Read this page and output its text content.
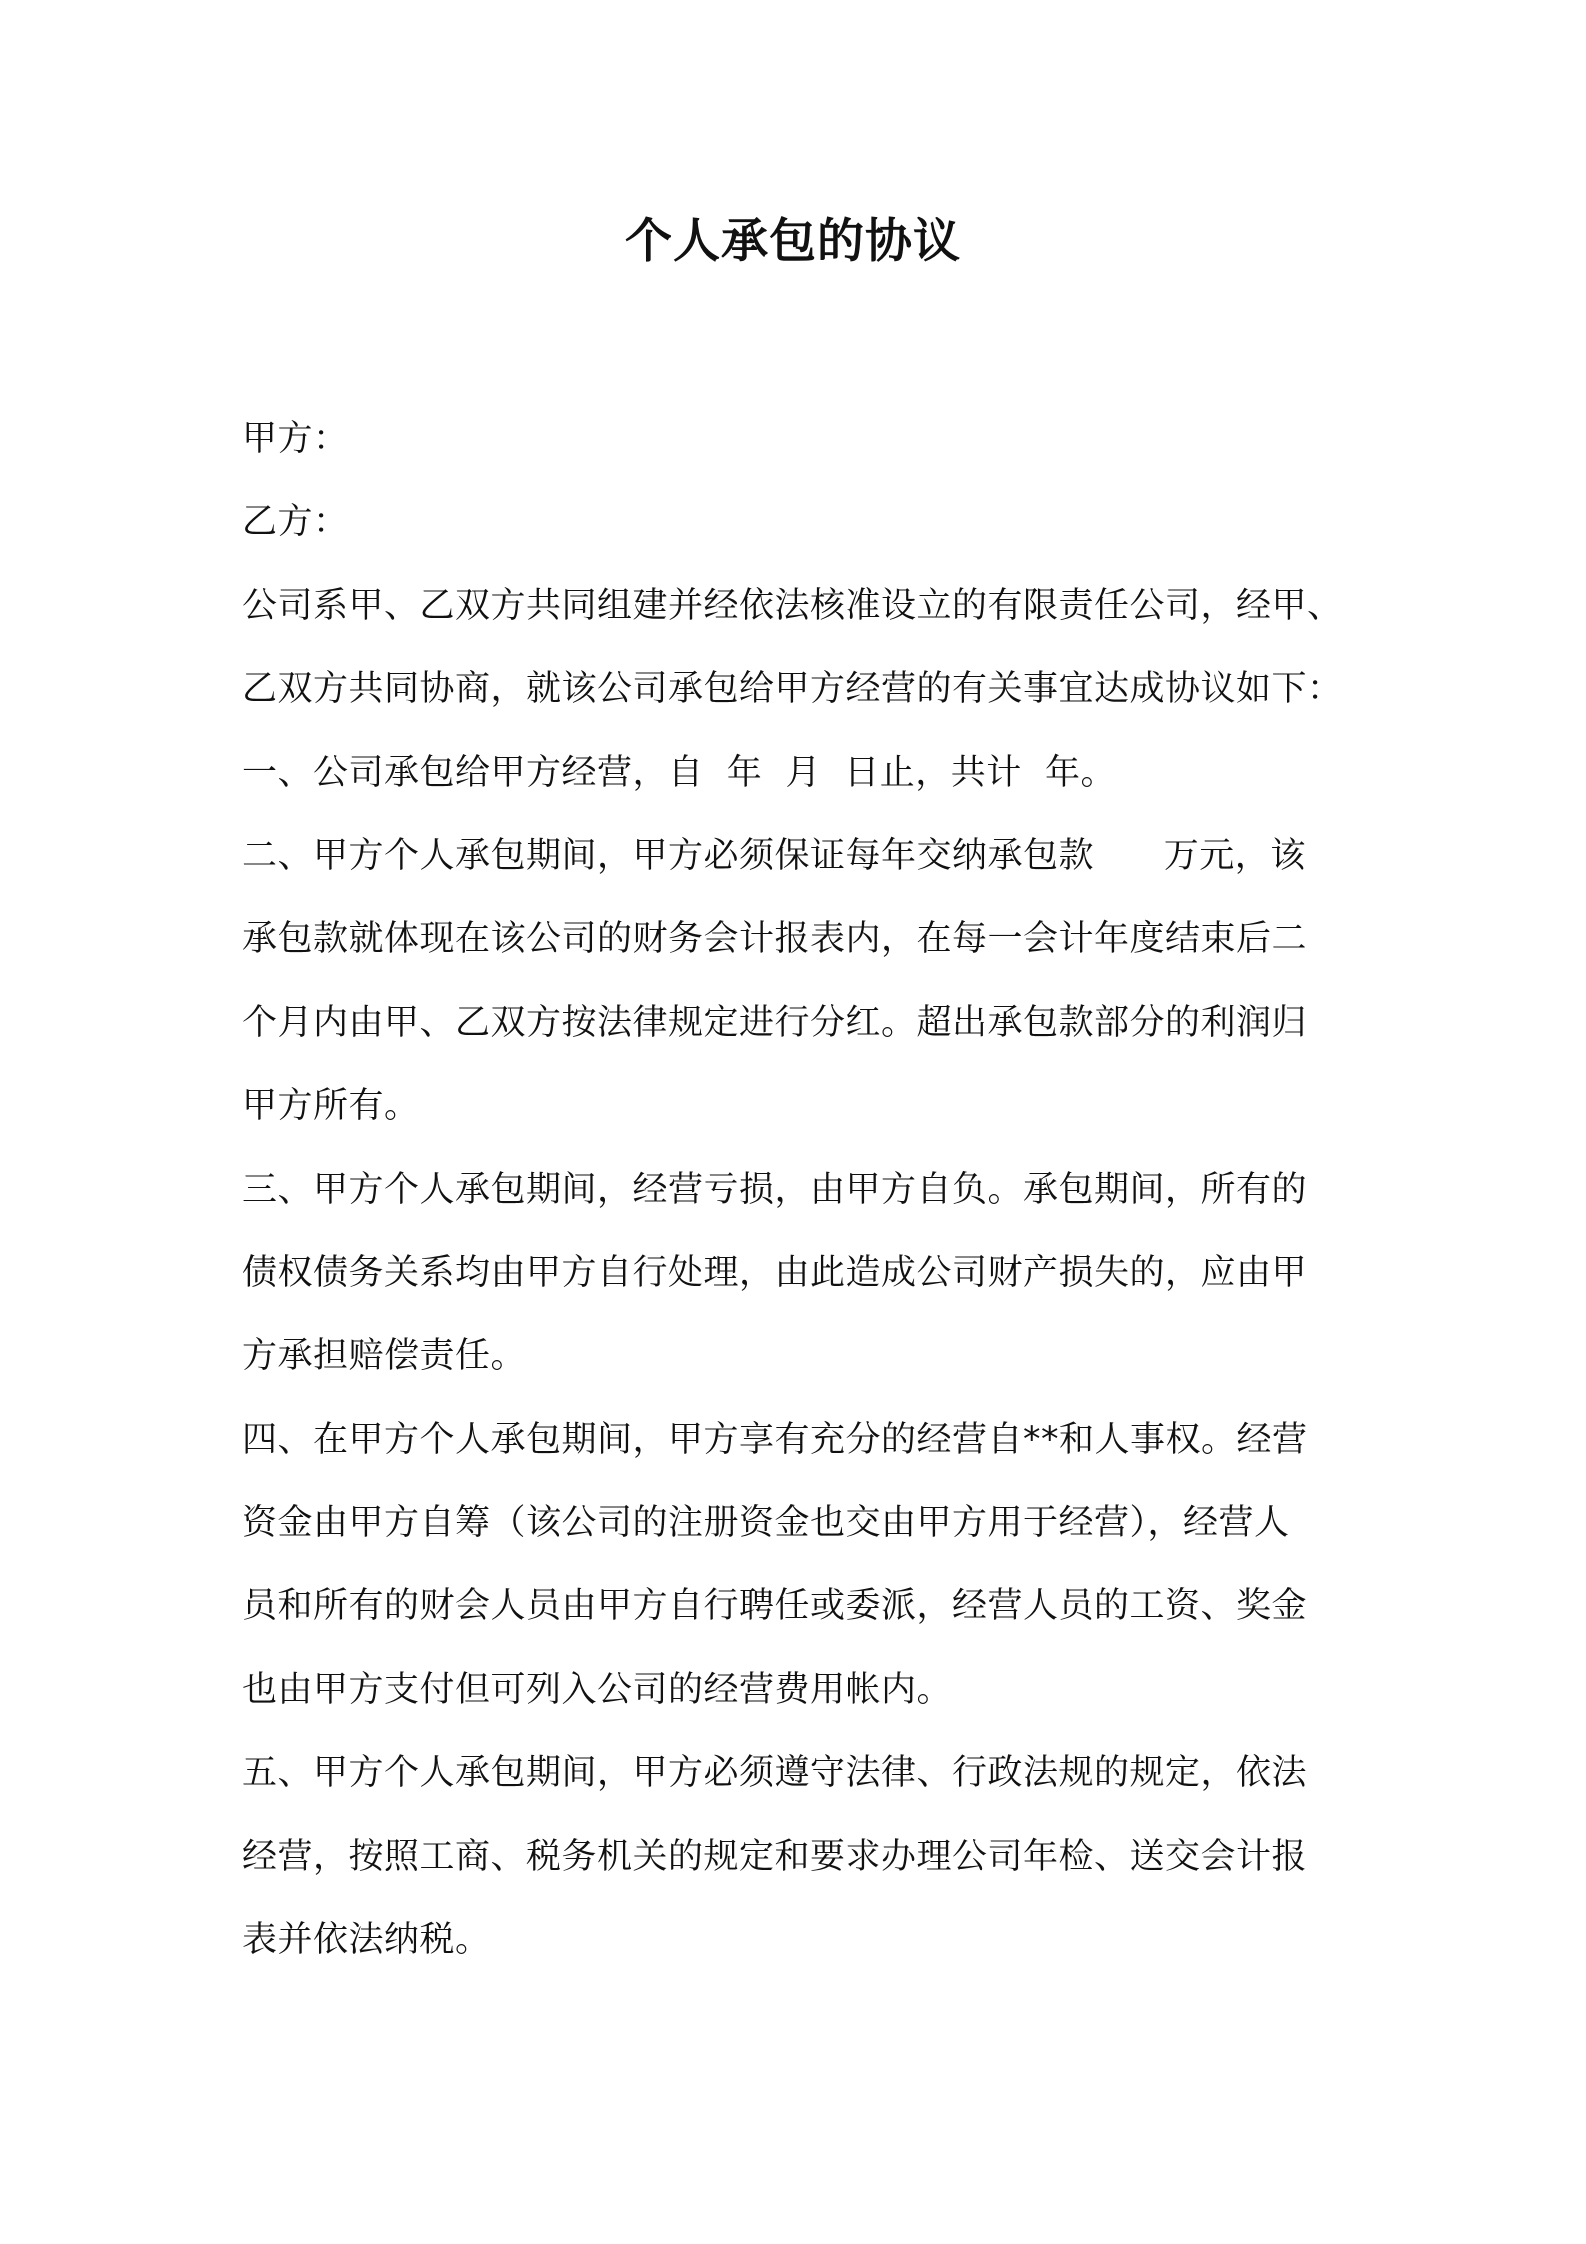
个人承包的协议
甲方：
乙方：
公司系甲、乙双方共同组建并经依法核准设立的有限责任公司，经甲、
乙双方共同协商，就该公司承包给甲方经营的有关事宜达成协议如下：
一、公司承包给甲方经营，自  年  月  日止，共计  年。
二、甲方个人承包期间，甲方必须保证每年交纳承包款      万元，该
承包款就体现在该公司的财务会计报表内，在每一会计年度结束后二
个月内由甲、乙双方按法律规定进行分红。超出承包款部分的利润归
甲方所有。
三、甲方个人承包期间，经营亏损，由甲方自负。承包期间，所有的
债权债务关系均由甲方自行处理，由此造成公司财产损失的，应由甲
方承担赔偿责任。
四、在甲方个人承包期间，甲方享有充分的经营自**和人事权。经营
资金由甲方自筹（该公司的注册资金也交由甲方用于经营），经营人
员和所有的财会人员由甲方自行聘任或委派，经营人员的工资、奖金
也由甲方支付但可列入公司的经营费用帐内。
五、甲方个人承包期间，甲方必须遵守法律、行政法规的规定，依法
经营，按照工商、税务机关的规定和要求办理公司年检、送交会计报
表并依法纳税。
